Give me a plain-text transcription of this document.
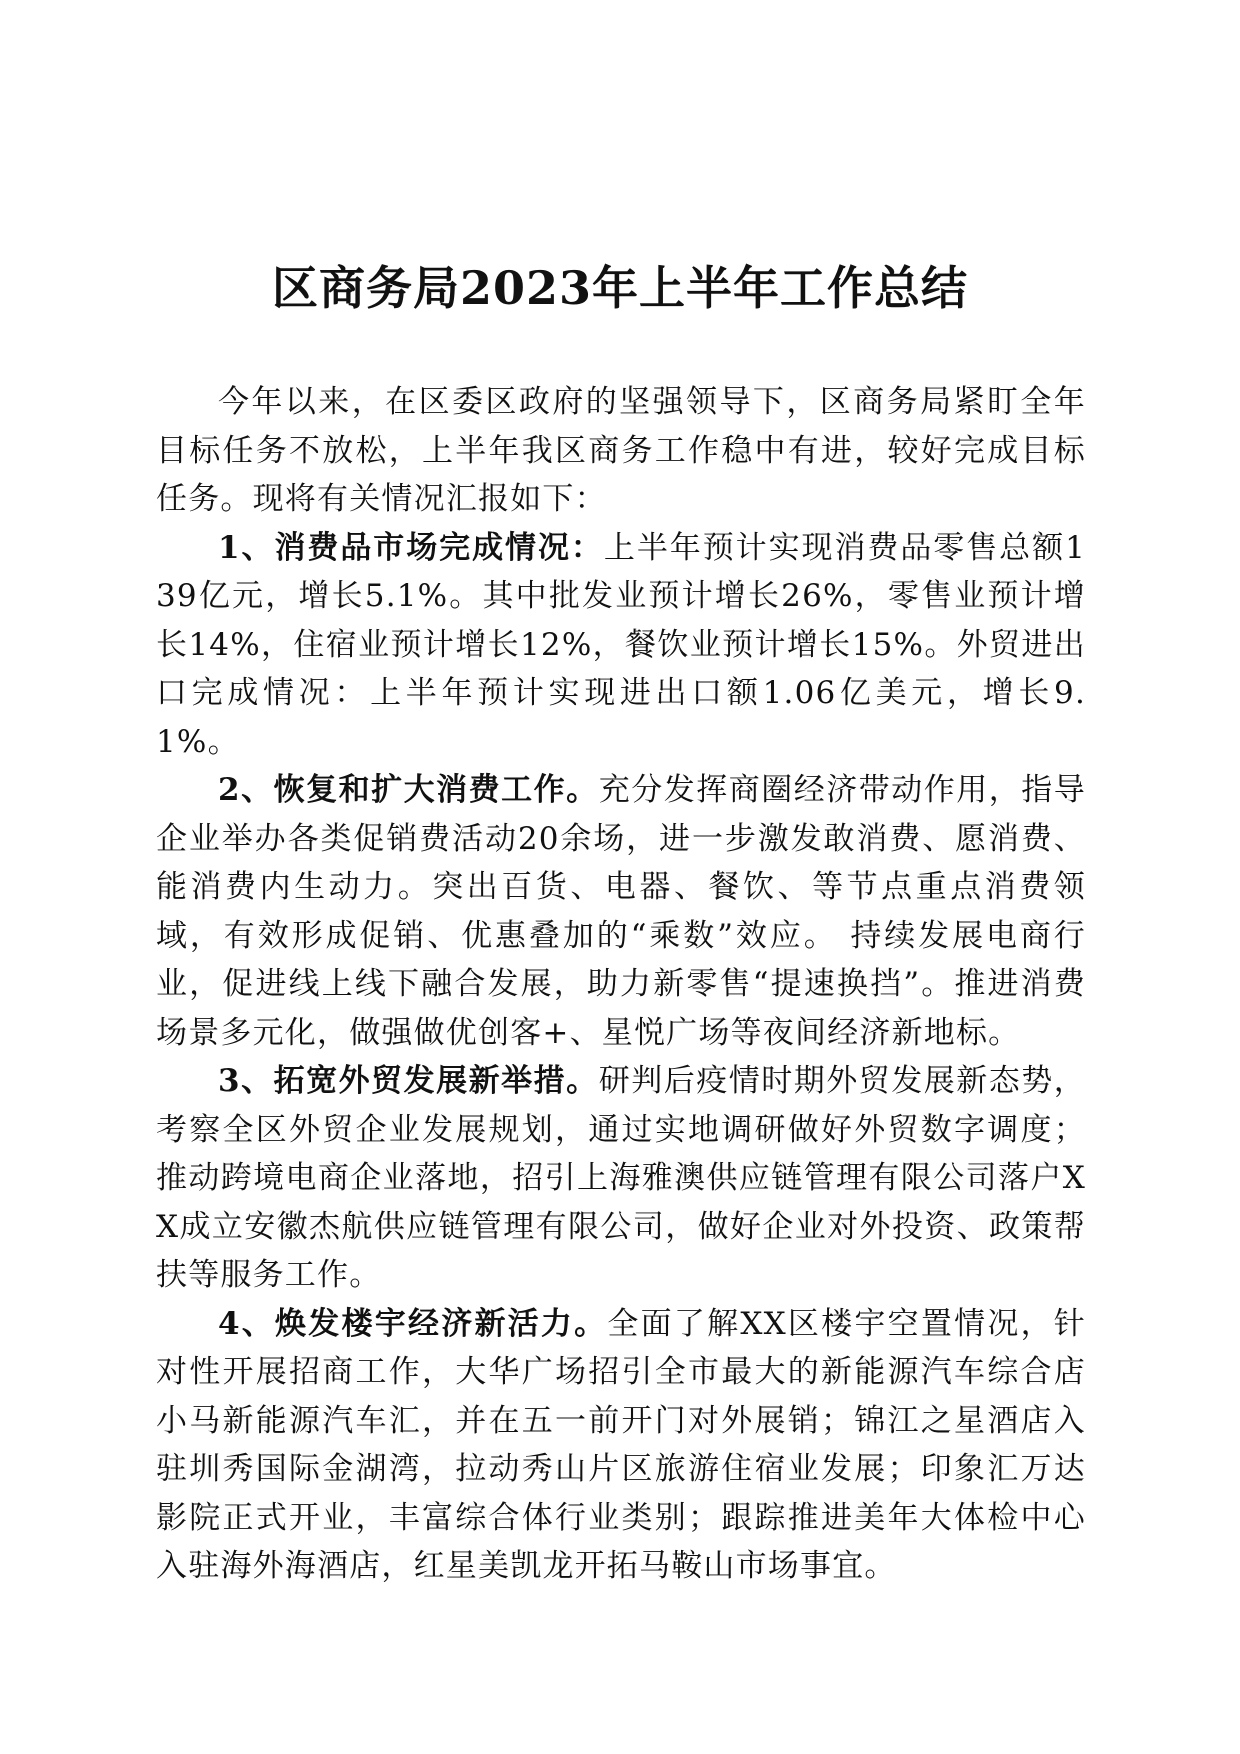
区商务局2023年上半年工作总结

今年以来，在区委区政府的坚强领导下，区商务局紧盯全年目标任务不放松，上半年我区商务工作稳中有进，较好完成目标任务。现将有关情况汇报如下：

1、消费品市场完成情况：上半年预计实现消费品零售总额139亿元，增长5.1%。其中批发业预计增长26%，零售业预计增长14%，住宿业预计增长12%，餐饮业预计增长15%。外贸进出口完成情况：上半年预计实现进出口额1.06亿美元，增长9.1%。

2、恢复和扩大消费工作。充分发挥商圈经济带动作用，指导企业举办各类促销费活动20余场，进一步激发敢消费、愿消费、能消费内生动力。突出百货、电器、餐饮、等节点重点消费领域，有效形成促销、优惠叠加的“乘数”效应。 持续发展电商行业，促进线上线下融合发展，助力新零售“提速换挡”。推进消费场景多元化，做强做优创客+、星悦广场等夜间经济新地标。

3、拓宽外贸发展新举措。研判后疫情时期外贸发展新态势，考察全区外贸企业发展规划，通过实地调研做好外贸数字调度；推动跨境电商企业落地，招引上海雅澳供应链管理有限公司落户XX成立安徽杰航供应链管理有限公司，做好企业对外投资、政策帮扶等服务工作。

4、焕发楼宇经济新活力。全面了解XX区楼宇空置情况，针对性开展招商工作，大华广场招引全市最大的新能源汽车综合店小马新能源汽车汇，并在五一前开门对外展销；锦江之星酒店入驻圳秀国际金湖湾，拉动秀山片区旅游住宿业发展；印象汇万达影院正式开业，丰富综合体行业类别；跟踪推进美年大体检中心入驻海外海酒店，红星美凯龙开拓马鞍山市场事宜。
